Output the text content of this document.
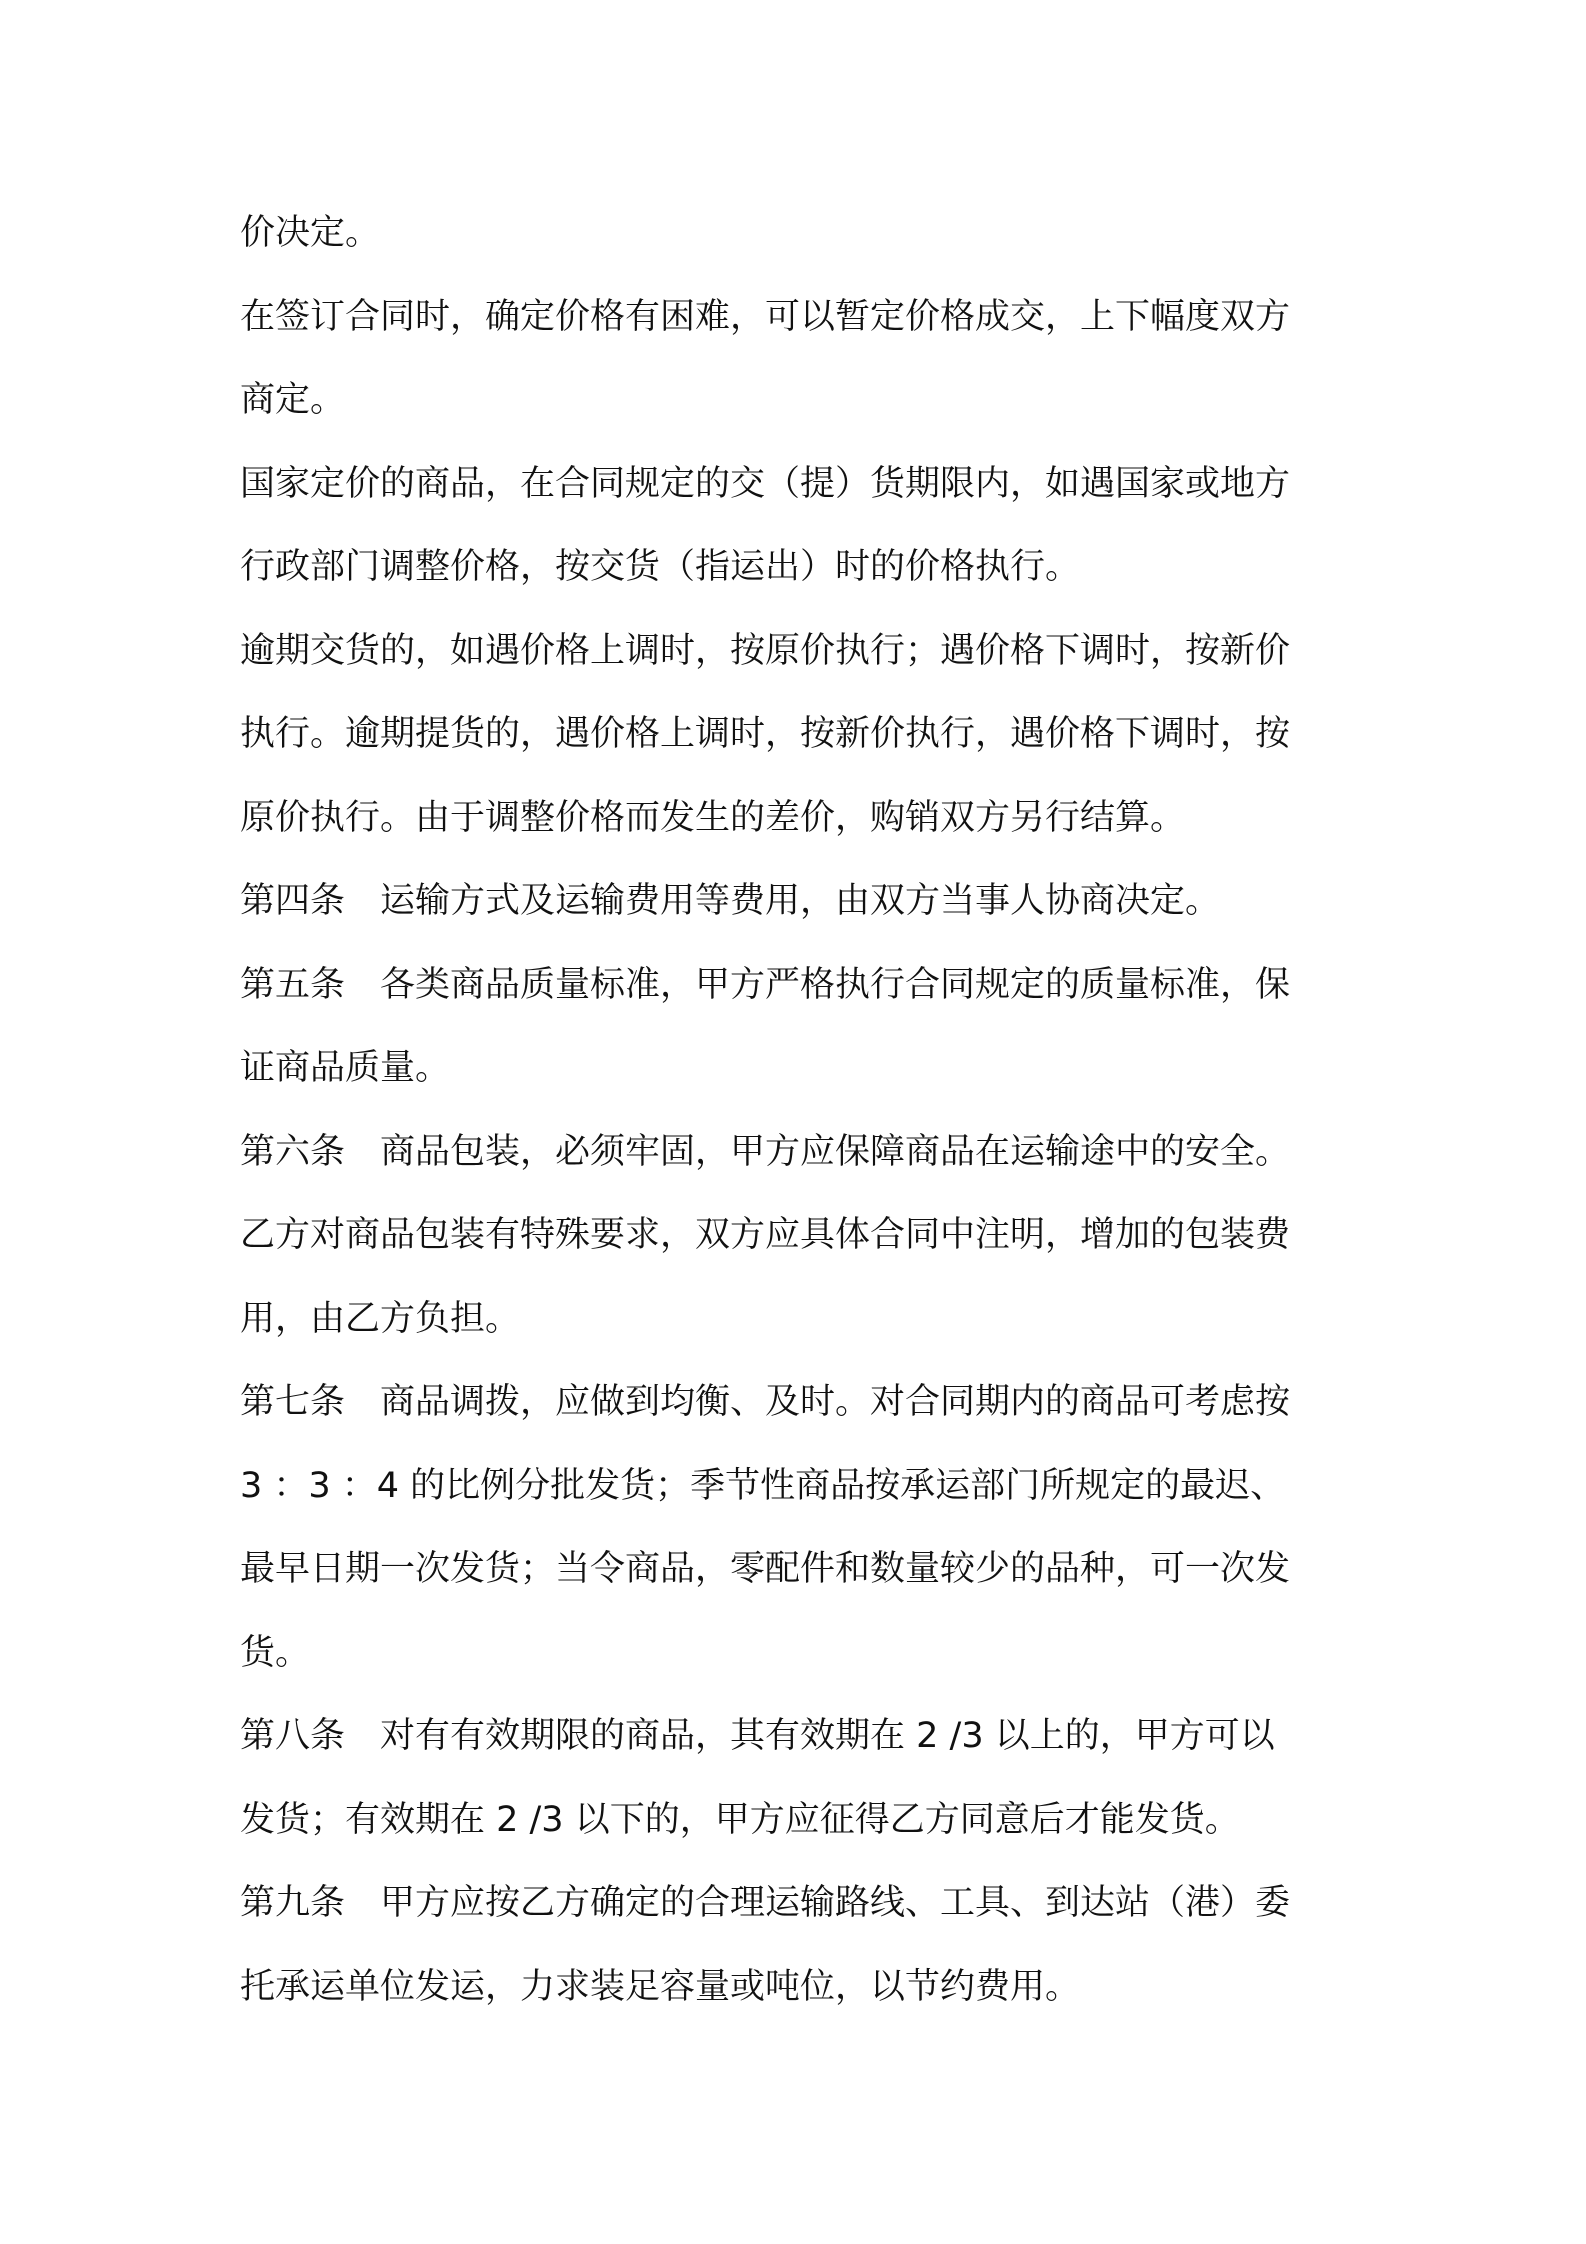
价决定。

在签订合同时，确定价格有困难，可以暂定价格成交，上下幅度双方

商定。

国家定价的商品，在合同规定的交（提）货期限内，如遇国家或地方

行政部门调整价格，按交货（指运出）时的价格执行。

逾期交货的，如遇价格上调时，按原价执行；遇价格下调时，按新价

执行。逾期提货的，遇价格上调时，按新价执行，遇价格下调时，按

原价执行。由于调整价格而发生的差价，购销双方另行结算。

第四条　运输方式及运输费用等费用，由双方当事人协商决定。

第五条　各类商品质量标准，甲方严格执行合同规定的质量标准，保

证商品质量。

第六条　商品包装，必须牢固，甲方应保障商品在运输途中的安全。

乙方对商品包装有特殊要求，双方应具体合同中注明，增加的包装费

用，由乙方负担。

第七条　商品调拨，应做到均衡、及时。对合同期内的商品可考虑按

3 ：3 ：4 的比例分批发货；季节性商品按承运部门所规定的最迟、

最早日期一次发货；当令商品，零配件和数量较少的品种，可一次发

货。

第八条　对有有效期限的商品，其有效期在 2 /3 以上的，甲方可以

发货；有效期在 2 /3 以下的，甲方应征得乙方同意后才能发货。

第九条　甲方应按乙方确定的合理运输路线、工具、到达站（港）委

托承运单位发运，力求装足容量或吨位，以节约费用。
